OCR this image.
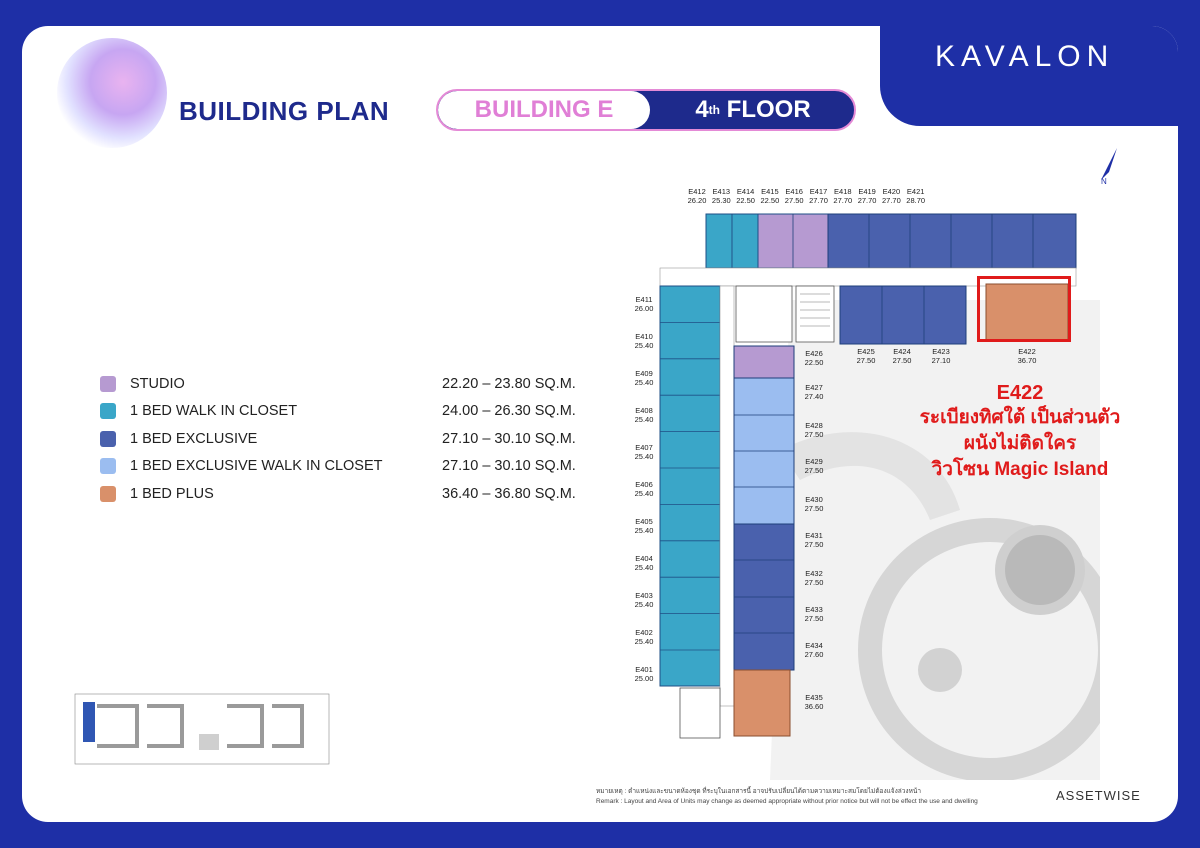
BUILDING PLAN	BUILDING E	4 th
FLOOR
KAVALON
N
STUDIO	22.20 – 23.80 SQ.M.
1 BED WALK IN CLOSET	24.00 – 26.30 SQ.M.
1 BED EXCLUSIVE	27.10 – 30.10 SQ.M.
1 BED EXCLUSIVE WALK IN CLOSET	27.10 – 30.10 SQ.M.
1 BED PLUS	36.40 – 36.80 SQ.M.
E412
26.20
E413
25.30
E414
22.50
E415
22.50
E416
27.50
E417
27.70
E418
27.70
E419
27.70
E420
27.70
E421
28.70
E425
27.50
E424
27.50
E423
27.10
E422
36.70
E411
26.00
E410
25.40
E409
25.40
E408
25.40
E407
25.40
E406
25.40
E405
25.40
E404
25.40
E403
25.40
E402
25.40
E401
25.00
E426
22.50
E427
27.40
E428
27.50
E429
27.50
E430
27.50
E431
27.50
E432
27.50
E433
27.50
E434
27.60
E435
36.60
E422
ระเบียงทิศใต้ เป็นส่วนตัว
ผนังไม่ติดใคร
วิวโซน Magic Island
หมายเหตุ : ตำแหน่งและขนาดห้องชุด ที่ระบุในเอกสารนี้ อาจปรับเปลี่ยนได้ตามความเหมาะสมโดยไม่ต้องแจ้งล่วงหน้า
Remark : Layout and Area of Units may change as deemed appropriate without prior notice but will not be effect the use and dwelling	ASSETWISE
